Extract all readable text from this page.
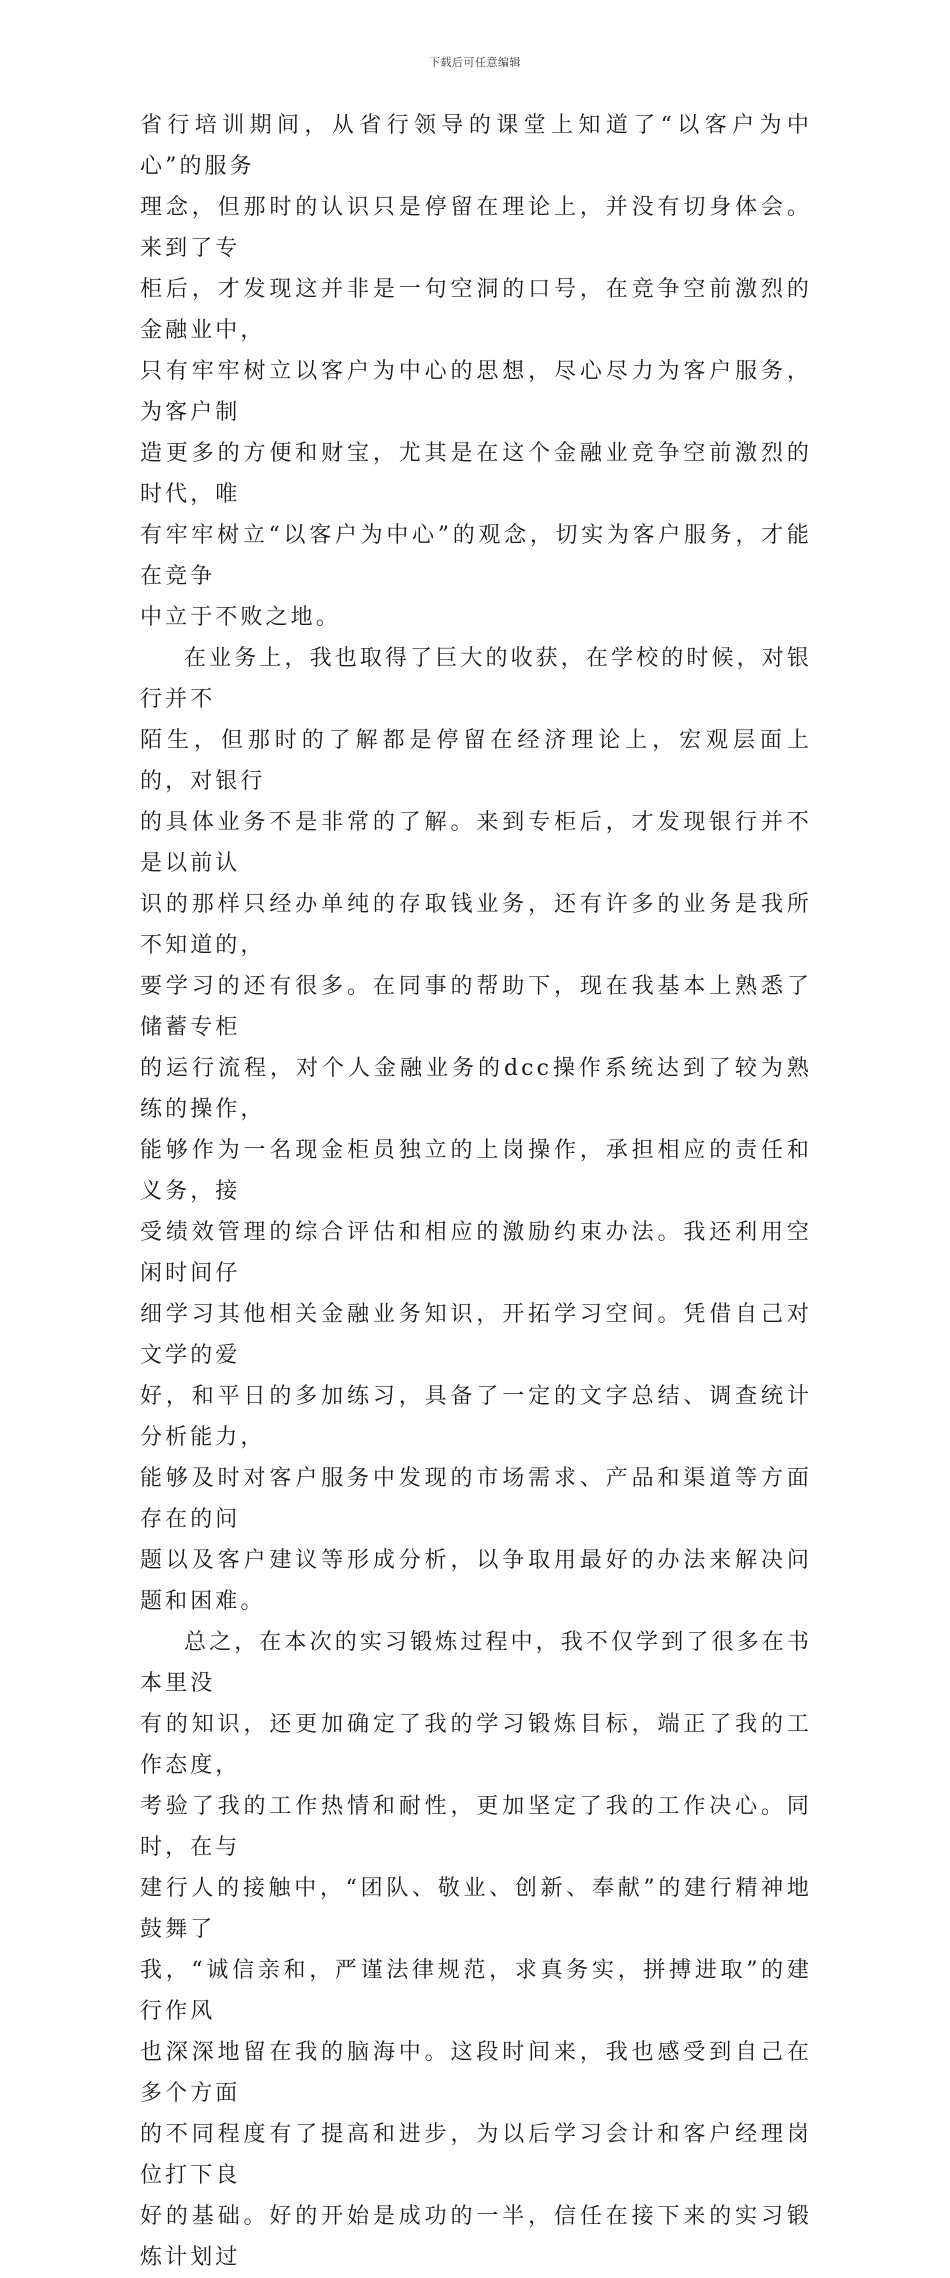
下载后可任意编辑

省行培训期间，从省行领导的课堂上知道了“以客户为中心”的服务
理念，但那时的认识只是停留在理论上，并没有切身体会。来到了专
柜后，才发现这并非是一句空洞的口号，在竞争空前激烈的金融业中，
只有牢牢树立以客户为中心的思想，尽心尽力为客户服务，为客户制
造更多的方便和财宝，尤其是在这个金融业竞争空前激烈的时代，唯
有牢牢树立“以客户为中心”的观念，切实为客户服务，才能在竞争
中立于不败之地。

在业务上，我也取得了巨大的收获，在学校的时候，对银行并不
陌生，但那时的了解都是停留在经济理论上，宏观层面上的，对银行
的具体业务不是非常的了解。来到专柜后，才发现银行并不是以前认
识的那样只经办单纯的存取钱业务，还有许多的业务是我所不知道的，
要学习的还有很多。在同事的帮助下，现在我基本上熟悉了储蓄专柜
的运行流程，对个人金融业务的dcc操作系统达到了较为熟练的操作，
能够作为一名现金柜员独立的上岗操作，承担相应的责任和义务，接
受绩效管理的综合评估和相应的激励约束办法。我还利用空闲时间仔
细学习其他相关金融业务知识，开拓学习空间。凭借自己对文学的爱
好，和平日的多加练习，具备了一定的文字总结、调查统计分析能力，
能够及时对客户服务中发现的市场需求、产品和渠道等方面存在的问
题以及客户建议等形成分析，以争取用最好的办法来解决问题和困难。

总之，在本次的实习锻炼过程中，我不仅学到了很多在书本里没
有的知识，还更加确定了我的学习锻炼目标，端正了我的工作态度，
考验了我的工作热情和耐性，更加坚定了我的工作决心。同时，在与
建行人的接触中，“团队、敬业、创新、奉献”的建行精神地鼓舞了
我，“诚信亲和，严谨法律规范，求真务实，拼搏进取”的建行作风
也深深地留在我的脑海中。这段时间来，我也感受到自己在多个方面
的不同程度有了提高和进步，为以后学习会计和客户经理岗位打下良
好的基础。好的开始是成功的一半，信任在接下来的实习锻炼计划过
